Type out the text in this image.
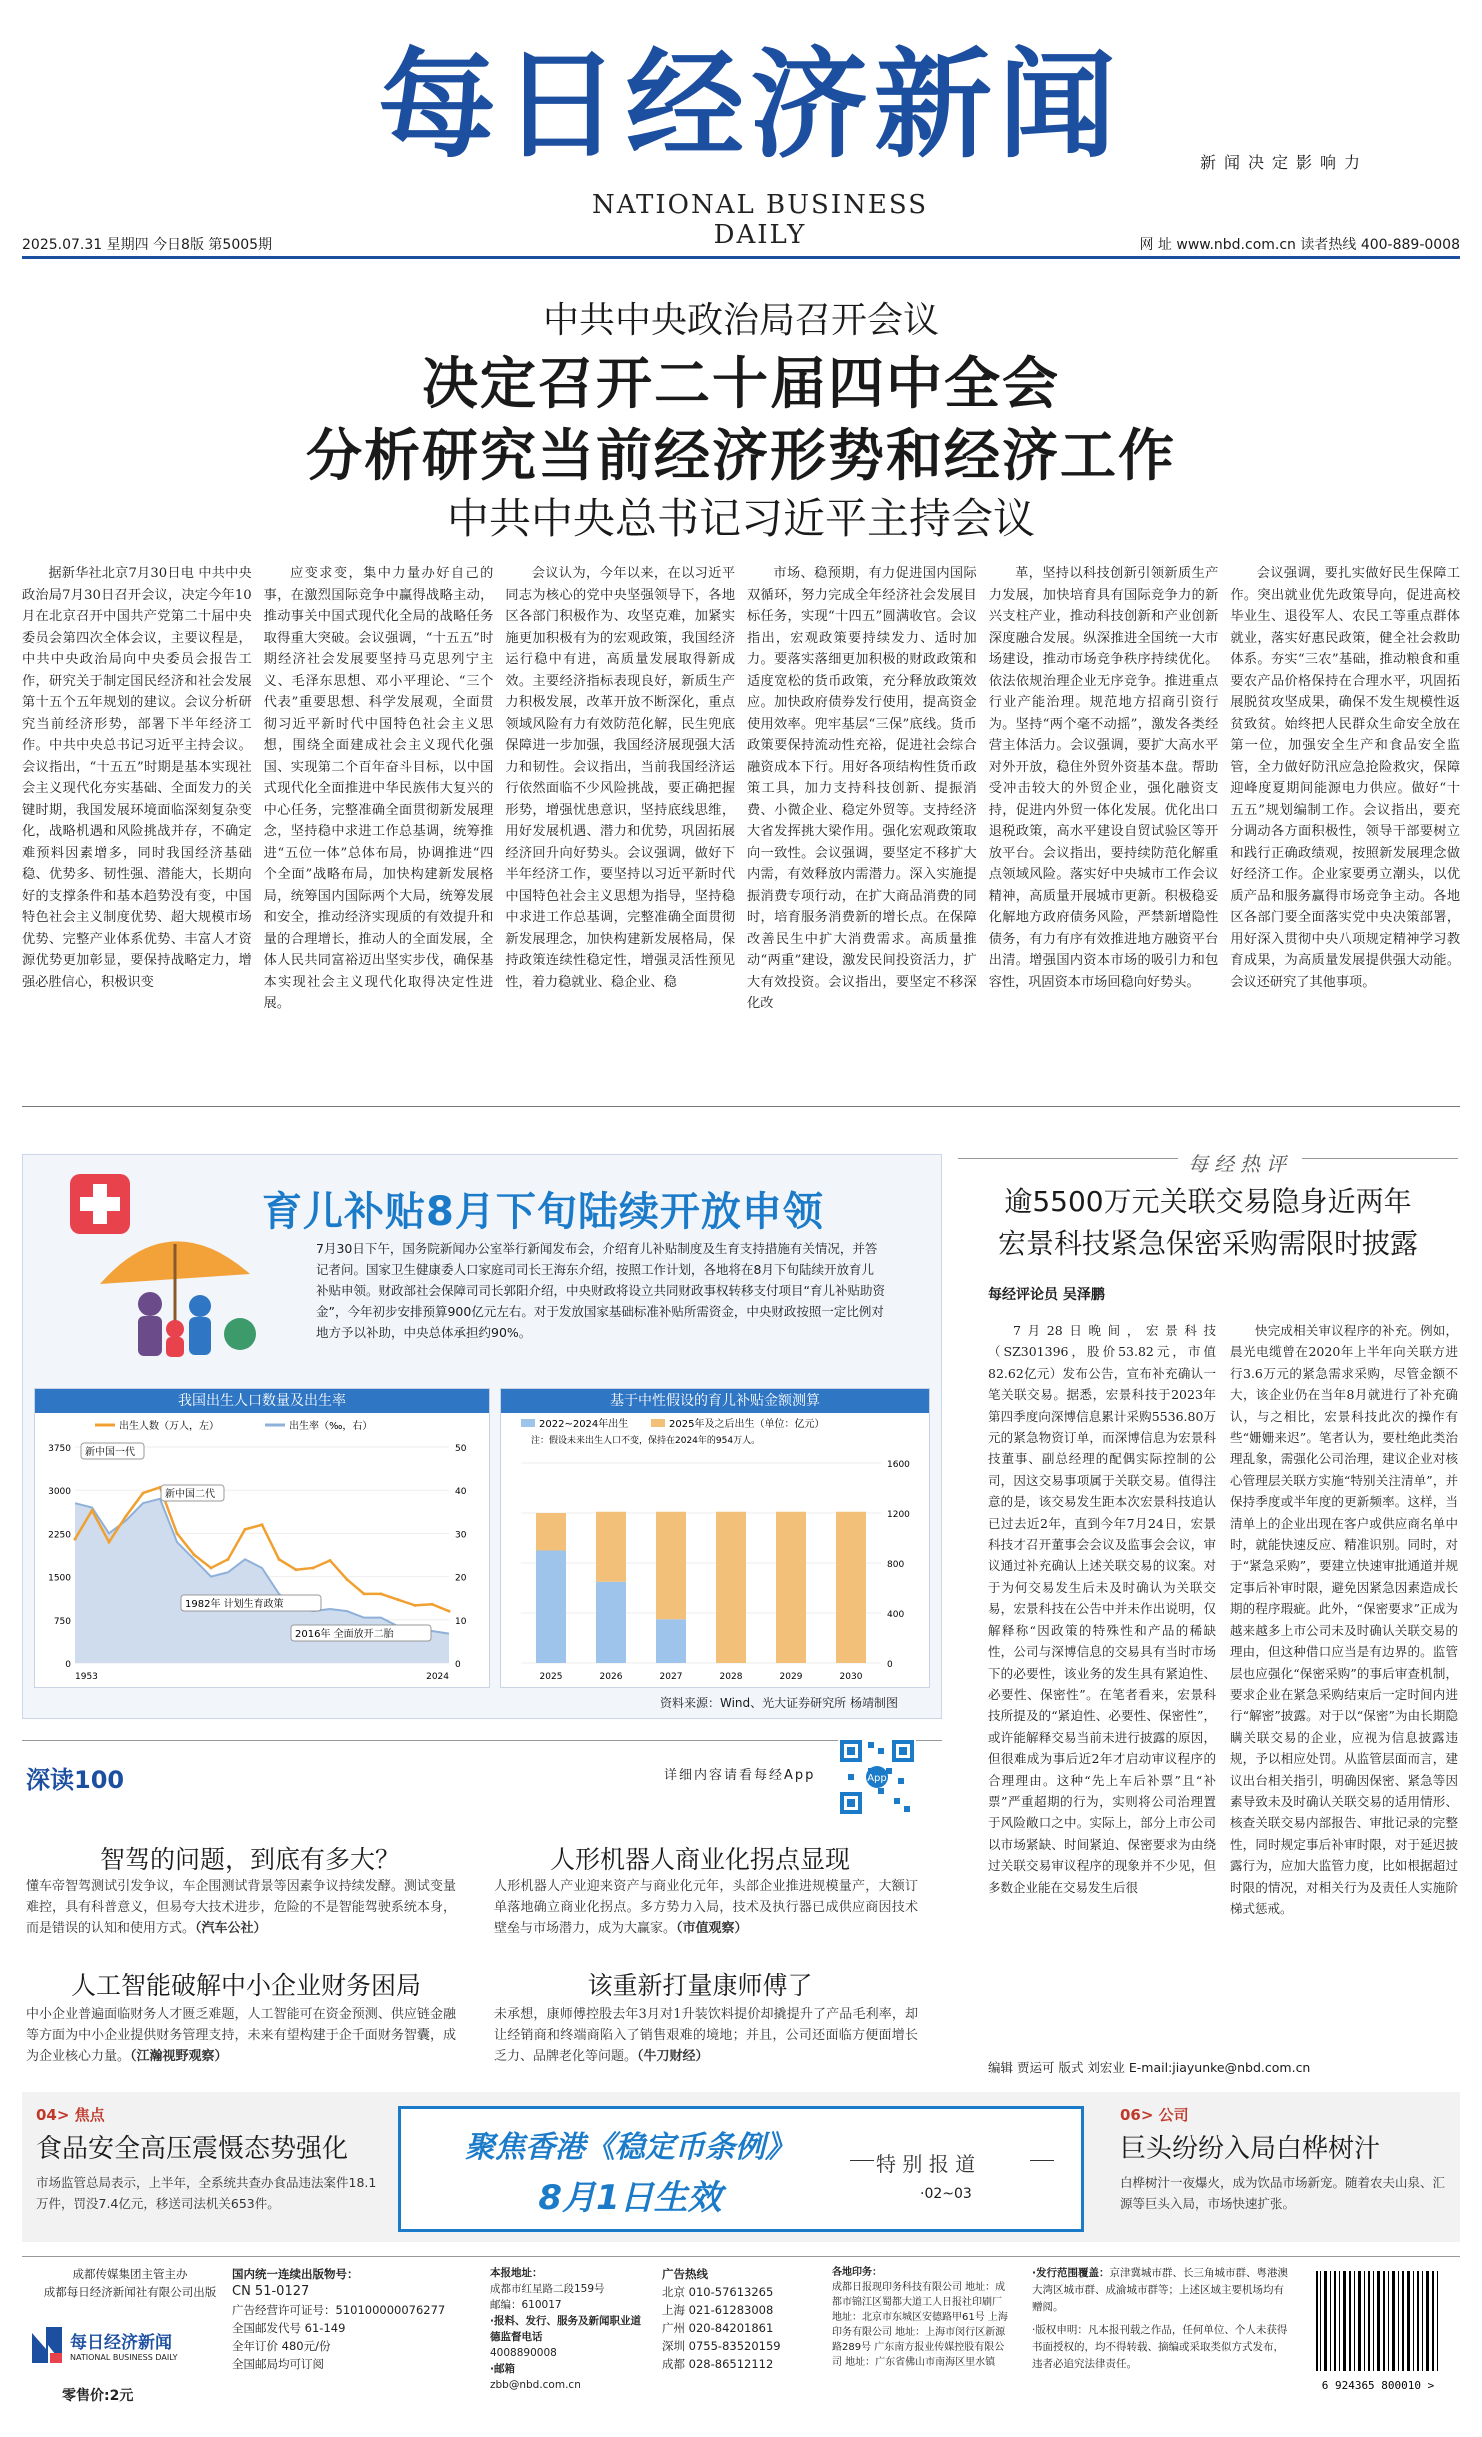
每日经济新闻
NATIONAL BUSINESS DAILY
新闻决定影响力
2025.07.31 星期四 今日8版 第5005期	网 址 www.nbd.com.cn 读者热线 400-889-0008
中共中央政治局召开会议
决定召开二十届四中全会
分析研究当前经济形势和经济工作
中共中央总书记习近平主持会议

据新华社北京7月30日电 中共中央政治局7月30日召开会议，决定今年10月在北京召开中国共产党第二十届中央委员会第四次全体会议，主要议程是，中共中央政治局向中央委员会报告工作，研究关于制定国民经济和社会发展第十五个五年规划的建议。会议分析研究当前经济形势，部署下半年经济工作。中共中央总书记习近平主持会议。会议指出，“十五五”时期是基本实现社会主义现代化夯实基础、全面发力的关键时期，我国发展环境面临深刻复杂变化，战略机遇和风险挑战并存，不确定难预料因素增多，同时我国经济基础稳、优势多、韧性强、潜能大，长期向好的支撑条件和基本趋势没有变，中国特色社会主义制度优势、超大规模市场优势、完整产业体系优势、丰富人才资源优势更加彰显，要保持战略定力，增强必胜信心，积极识变

应变求变，集中力量办好自己的事，在激烈国际竞争中赢得战略主动，推动事关中国式现代化全局的战略任务取得重大突破。会议强调，“十五五”时期经济社会发展要坚持马克思列宁主义、毛泽东思想、邓小平理论、“三个代表”重要思想、科学发展观，全面贯彻习近平新时代中国特色社会主义思想，围绕全面建成社会主义现代化强国、实现第二个百年奋斗目标，以中国式现代化全面推进中华民族伟大复兴的中心任务，完整准确全面贯彻新发展理念，坚持稳中求进工作总基调，统筹推进“五位一体”总体布局，协调推进“四个全面”战略布局，加快构建新发展格局，统筹国内国际两个大局，统筹发展和安全，推动经济实现质的有效提升和量的合理增长，推动人的全面发展，全体人民共同富裕迈出坚实步伐，确保基本实现社会主义现代化取得决定性进展。

会议认为，今年以来，在以习近平同志为核心的党中央坚强领导下，各地区各部门积极作为、攻坚克难，加紧实施更加积极有为的宏观政策，我国经济运行稳中有进，高质量发展取得新成效。主要经济指标表现良好，新质生产力积极发展，改革开放不断深化，重点领域风险有力有效防范化解，民生兜底保障进一步加强，我国经济展现强大活力和韧性。会议指出，当前我国经济运行依然面临不少风险挑战，要正确把握形势，增强忧患意识，坚持底线思维，用好发展机遇、潜力和优势，巩固拓展经济回升向好势头。会议强调，做好下半年经济工作，要坚持以习近平新时代中国特色社会主义思想为指导，坚持稳中求进工作总基调，完整准确全面贯彻新发展理念，加快构建新发展格局，保持政策连续性稳定性，增强灵活性预见性，着力稳就业、稳企业、稳

市场、稳预期，有力促进国内国际双循环，努力完成全年经济社会发展目标任务，实现“十四五”圆满收官。会议指出，宏观政策要持续发力、适时加力。要落实落细更加积极的财政政策和适度宽松的货币政策，充分释放政策效应。加快政府债券发行使用，提高资金使用效率。兜牢基层“三保”底线。货币政策要保持流动性充裕，促进社会综合融资成本下行。用好各项结构性货币政策工具，加力支持科技创新、提振消费、小微企业、稳定外贸等。支持经济大省发挥挑大梁作用。强化宏观政策取向一致性。会议强调，要坚定不移扩大内需，有效释放内需潜力。深入实施提振消费专项行动，在扩大商品消费的同时，培育服务消费新的增长点。在保障改善民生中扩大消费需求。高质量推动“两重”建设，激发民间投资活力，扩大有效投资。会议指出，要坚定不移深化改

革，坚持以科技创新引领新质生产力发展，加快培育具有国际竞争力的新兴支柱产业，推动科技创新和产业创新深度融合发展。纵深推进全国统一大市场建设，推动市场竞争秩序持续优化。依法依规治理企业无序竞争。推进重点行业产能治理。规范地方招商引资行为。坚持“两个毫不动摇”，激发各类经营主体活力。会议强调，要扩大高水平对外开放，稳住外贸外资基本盘。帮助受冲击较大的外贸企业，强化融资支持，促进内外贸一体化发展。优化出口退税政策，高水平建设自贸试验区等开放平台。会议指出，要持续防范化解重点领域风险。落实好中央城市工作会议精神，高质量开展城市更新。积极稳妥化解地方政府债务风险，严禁新增隐性债务，有力有序有效推进地方融资平台出清。增强国内资本市场的吸引力和包容性，巩固资本市场回稳向好势头。

会议强调，要扎实做好民生保障工作。突出就业优先政策导向，促进高校毕业生、退役军人、农民工等重点群体就业，落实好惠民政策，健全社会救助体系。夯实“三农”基础，推动粮食和重要农产品价格保持在合理水平，巩固拓展脱贫攻坚成果，确保不发生规模性返贫致贫。始终把人民群众生命安全放在第一位，加强安全生产和食品安全监管，全力做好防汛应急抢险救灾，保障迎峰度夏期间能源电力供应。做好“十五五”规划编制工作。会议指出，要充分调动各方面积极性，领导干部要树立和践行正确政绩观，按照新发展理念做好经济工作。企业家要勇立潮头，以优质产品和服务赢得市场竞争主动。各地区各部门要全面落实党中央决策部署，用好深入贯彻中央八项规定精神学习教育成果，为高质量发展提供强大动能。会议还研究了其他事项。

育儿补贴8月下旬陆续开放申领
7月30日下午，国务院新闻办公室举行新闻发布会，介绍育儿补贴制度及生育支持措施有关情况，并答记者问。国家卫生健康委人口家庭司司长王海东介绍，按照工作计划，各地将在8月下旬陆续开放育儿补贴申领。财政部社会保障司司长郭阳介绍，中央财政将设立共同财政事权转移支付项目“育儿补贴助资金”，今年初步安排预算900亿元左右。对于发放国家基础标准补贴所需资金，中央财政按照一定比例对地方予以补助，中央总体承担约90%。
我国出生人口数量及出生率
出生人数（万人，左）	出生率（‰，右）
3750
3000
2250
1500
750
0
50
40
30
20
10
0
1953	2024
新中国一代
新中国二代
1982年 计划生育政策
2016年 全面放开二胎
基于中性假设的育儿补贴金额测算
2022~2024年出生	2025年及之后出生（单位：亿元）
注：假设未来出生人口不变，保持在2024年的954万人。
1600
1200
800
400
0
2025	2026	2027	2028	2029	2030
资料来源：Wind、光大证券研究所 杨靖制图
深读100	详细内容请看每经App	App
智驾的问题，到底有多大？
懂车帝智驾测试引发争议，车企围测试背景等因素争议持续发酵。测试变量难控，具有科普意义，但易夸大技术进步，危险的不是智能驾驶系统本身，而是错误的认知和使用方式。（汽车公社）
人形机器人商业化拐点显现
人形机器人产业迎来资产与商业化元年，头部企业推进规模量产，大额订单落地确立商业化拐点。多方势力入局，技术及执行器已成供应商因技术壁垒与市场潜力，成为大赢家。（市值观察）
人工智能破解中小企业财务困局
中小企业普遍面临财务人才匮乏难题，人工智能可在资金预测、供应链金融等方面为中小企业提供财务管理支持，未来有望构建于企千面财务智囊，成为企业核心力量。（江瀚视野观察）
该重新打量康师傅了
未承想，康师傅控股去年3月对1升装饮料提价却撬提升了产品毛利率，却让经销商和终端商陷入了销售艰难的境地；并且，公司还面临方便面增长乏力、品牌老化等问题。（牛刀财经）
每经热评
逾5500万元关联交易隐身近两年
宏景科技紧急保密采购需限时披露
每经评论员 吴泽鹏

7月28日晚间，宏景科技（SZ301396，股价53.82元，市值82.62亿元）发布公告，宣布补充确认一笔关联交易。据悉，宏景科技于2023年第四季度向深博信息累计采购5536.80万元的紧急物资订单，而深博信息为宏景科技董事、副总经理的配偶实际控制的公司，因这交易事项属于关联交易。值得注意的是，该交易发生距本次宏景科技追认已过去近2年，直到今年7月24日，宏景科技才召开董事会会议及监事会会议，审议通过补充确认上述关联交易的议案。对于为何交易发生后未及时确认为关联交易，宏景科技在公告中并未作出说明，仅解释称“因政策的特殊性和产品的稀缺性，公司与深博信息的交易具有当时市场下的必要性，该业务的发生具有紧迫性、必要性、保密性”。在笔者看来，宏景科技所提及的“紧迫性、必要性、保密性”，或许能解释交易当前未进行披露的原因，但很难成为事后近2年才启动审议程序的合理理由。这种“先上车后补票”且“补票”严重超期的行为，实则将公司治理置于风险敞口之中。实际上，部分上市公司以市场紧缺、时间紧迫、保密要求为由绕过关联交易审议程序的现象并不少见，但多数企业能在交易发生后很

快完成相关审议程序的补充。例如，晨光电缆曾在2020年上半年向关联方进行3.6万元的紧急需求采购，尽管金额不大，该企业仍在当年8月就进行了补充确认，与之相比，宏景科技此次的操作有些“姗姗来迟”。笔者认为，要杜绝此类治理乱象，需强化公司治理，建议企业对核心管理层关联方实施“特别关注清单”，并保持季度或半年度的更新频率。这样，当清单上的企业出现在客户或供应商名单中时，就能快速反应、精准识别。同时，对于“紧急采购”，要建立快速审批通道并规定事后补审时限，避免因紧急因素造成长期的程序瑕疵。此外，“保密要求”正成为越来越多上市公司未及时确认关联交易的理由，但这种借口应当是有边界的。监管层也应强化“保密采购”的事后审查机制，要求企业在紧急采购结束后一定时间内进行“解密”披露。对于以“保密”为由长期隐瞒关联交易的企业，应视为信息披露违规，予以相应处罚。从监管层面而言，建议出台相关指引，明确因保密、紧急等因素导致未及时确认关联交易的适用情形、核查关联交易内部报告、审批记录的完整性，同时规定事后补审时限，对于延迟披露行为，应加大监管力度，比如根据超过时限的情况，对相关行为及责任人实施阶梯式惩戒。

编辑 贾运可 版式 刘宏业 E-mail:jiayunke@nbd.com.cn
04> 焦点
食品安全高压震慑态势强化
市场监管总局表示，上半年，全系统共查办食品违法案件18.1万件，罚没7.4亿元，移送司法机关653件。
聚焦香港《稳定币条例》
8月1日生效
特 别 报 道
·02~03
06> 公司
巨头纷纷入局白桦树汁
白桦树汁一夜爆火，成为饮品市场新宠。随着农夫山泉、汇源等巨头入局，市场快速扩张。
成都传媒集团主管主办
成都每日经济新闻社有限公司出版
每日经济新闻
NATIONAL BUSINESS DAILY
零售价:2元
国内统一连续出版物号：
CN 51-0127
广告经营许可证号：510100000076277
全国邮发代号 61-149
全年订价 480元/份
全国邮局均可订阅
本报地址：
成都市红星路二段159号
邮编：610017
·报料、发行、服务及新闻职业道德监督电话
4008890008
·邮箱
zbb@nbd.com.cn
广告热线
北京 010-57613265
上海 021-61283008
广州 020-84201861
深圳 0755-83520159
成都 028-86512112
各地印务：
成都日报现印务科技有限公司 地址：成都市锦江区蜀都大道工人日报社印刷厂 地址：北京市东城区安德路甲61号 上海印务有限公司 地址：上海市闵行区新源路289号 广东南方报业传媒控股有限公司 地址：广东省佛山市南海区里水镇
·发行范围覆盖：京津冀城市群、长三角城市群、粤港澳大湾区城市群、成渝城市群等；上述区域主要机场均有赠阅。
·版权申明：凡本报刊载之作品，任何单位、个人未获得书面授权的，均不得转载、摘编或采取类似方式发布，违者必追究法律责任。
6 924365 800010 >
